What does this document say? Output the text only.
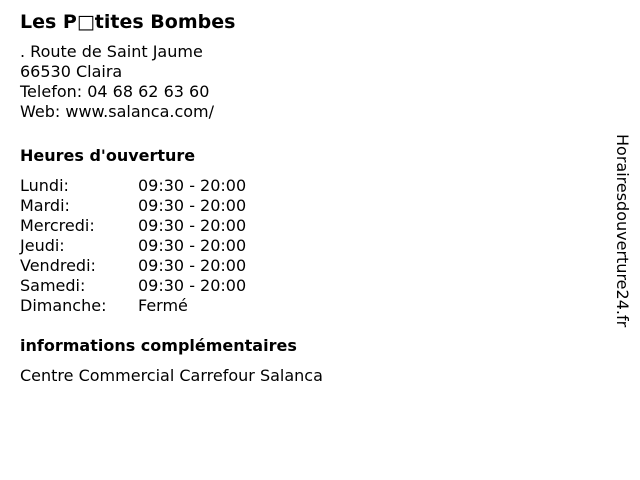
Les P□tites Bombes

. Route de Saint Jaume

66530 Claira

Telefon: 04 68 62 63 60

Web: www.salanca.com/

Heures d'ouverture
Lundi:	09:30 - 20:00
Mardi:	09:30 - 20:00
Mercredi:	09:30 - 20:00
Jeudi:	09:30 - 20:00
Vendredi:	09:30 - 20:00
Samedi:	09:30 - 20:00
Dimanche:	Fermé
informations complémentaires

Centre Commercial Carrefour Salanca

Horairesdouverture24.fr
